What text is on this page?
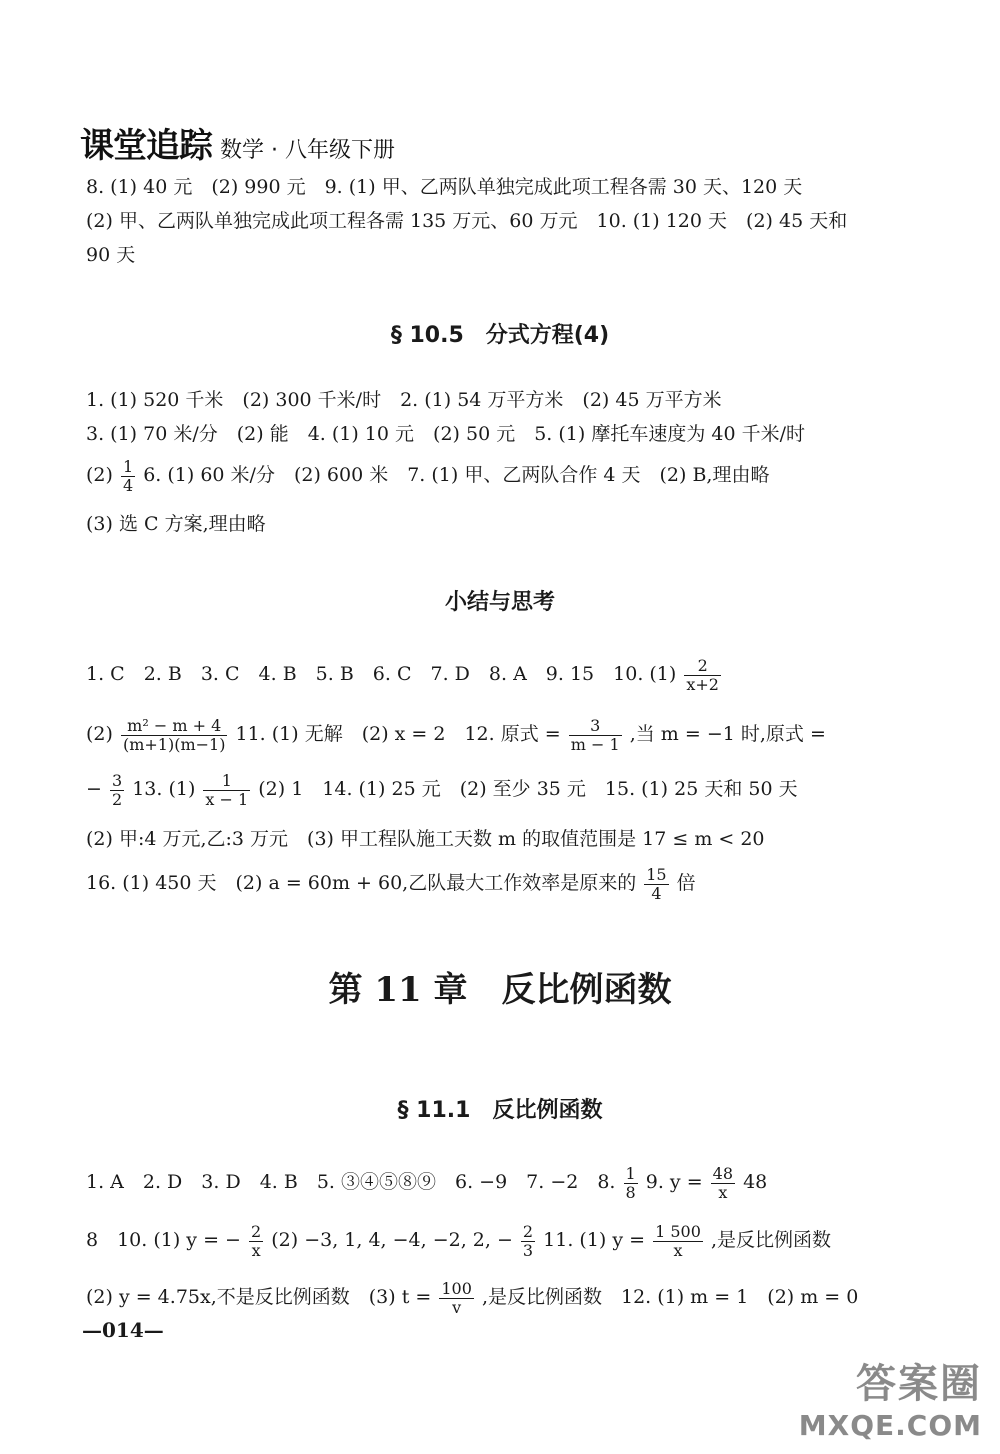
课堂追踪 数学 · 八年级下册
8. (1) 40 元　(2) 990 元　9. (1) 甲、乙两队单独完成此项工程各需 30 天、120 天
(2) 甲、乙两队单独完成此项工程各需 135 万元、60 万元　10. (1) 120 天　(2) 45 天和
90 天
§ 10.5　分式方程(4)
1. (1) 520 千米　(2) 300 千米/时　2. (1) 54 万平方米　(2) 45 万平方米
3. (1) 70 米/分　(2) 能　4. (1) 10 元　(2) 50 元　5. (1) 摩托车速度为 40 千米/时
$(2) \frac{1}{4} 6$. (1) 60 米/分　(2) 600 米　7. (1) 甲、乙两队合作 4 天　(2) B,理由略
(3) 选 C 方案,理由略
小结与思考
1. C　2. B　3. C　4. B　5. B　6. C　7. D　8. A　9. 15　10. $(1) \frac{2}{x+2}$
$(2) \frac{\text{m² − m + 4}}{(m+1)(m-1)} 11$. (1) 无解　(2) x = 2　12. 原式 = $\frac{3}{m - 1}$ ,当 m = −1 时,原式 =
− $\frac{3}{2} 13$. $(1) \frac{1}{x - 1} (2)$ 1　14. (1) 25 元　(2) 至少 35 元　15. (1) 25 天和 50 天
(2) 甲:4 万元,乙:3 万元　(3) 甲工程队施工天数 m 的取值范围是 17 ≤ m < 20
16. (1) 450 天　(2) a = 60m + 60,乙队最大工作效率是原来的 $\frac{15}{4}$ 倍
第 11 章　反比例函数
§ 11.1　反比例函数
1. A　2. D　3. D　4. B　5. ③④⑤⑧⑨　6. −9　7. −2　8. $\frac{1}{8} 9$. $y = \frac{48}{x} 48$
8　10. (1) y = − $\frac{2}{x} (2) -3$, 1, 4, −4, −2, 2, − $\frac{2}{3} 11$. (1) $y = \frac{1 500}{x}$ ,是反比例函数
(2) y = 4.75x,不是反比例函数　(3) $t = \frac{100}{v}$ ,是反比例函数　12. (1) m = 1　(2) m = 0
—014—
答案圈
MXQE.COM
